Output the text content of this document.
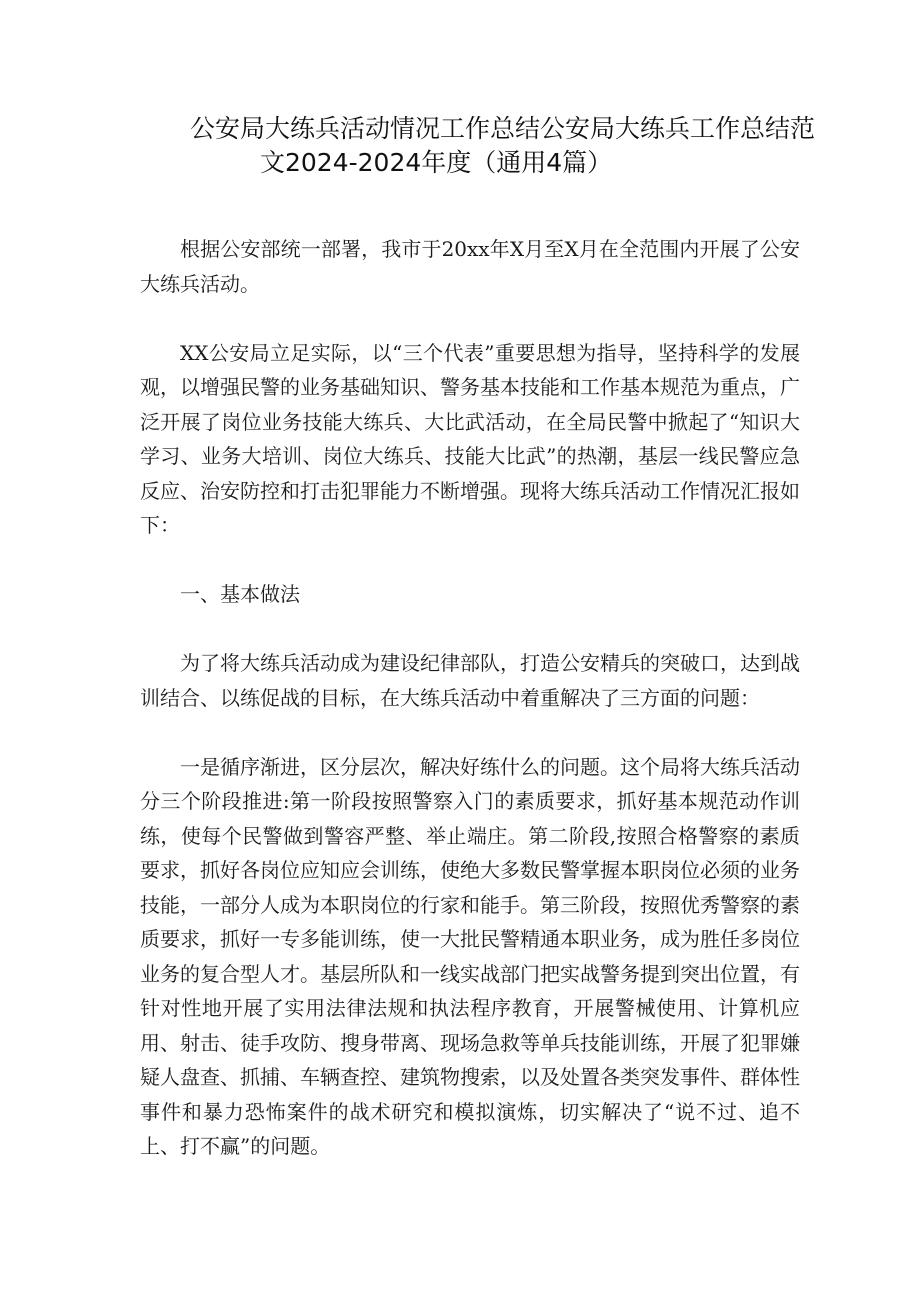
公安局大练兵活动情况工作总结公安局大练兵工作总结范
文2024-2024年度（通用4篇）

根据公安部统一部署，我市于20xx年X月至X月在全范围内开展了公安大练兵活动。

XX公安局立足实际，以“三个代表”重要思想为指导，坚持科学的发展观，以增强民警的业务基础知识、警务基本技能和工作基本规范为重点，广泛开展了岗位业务技能大练兵、大比武活动，在全局民警中掀起了“知识大学习、业务大培训、岗位大练兵、技能大比武”的热潮，基层一线民警应急反应、治安防控和打击犯罪能力不断增强。现将大练兵活动工作情况汇报如下：

一、基本做法

为了将大练兵活动成为建设纪律部队，打造公安精兵的突破口，达到战训结合、以练促战的目标，在大练兵活动中着重解决了三方面的问题：

一是循序渐进，区分层次，解决好练什么的问题。这个局将大练兵活动分三个阶段推进:第一阶段按照警察入门的素质要求，抓好基本规范动作训练，使每个民警做到警容严整、举止端庄。第二阶段,按照合格警察的素质要求，抓好各岗位应知应会训练，使绝大多数民警掌握本职岗位必须的业务技能，一部分人成为本职岗位的行家和能手。第三阶段，按照优秀警察的素质要求，抓好一专多能训练，使一大批民警精通本职业务，成为胜任多岗位业务的复合型人才。基层所队和一线实战部门把实战警务提到突出位置，有针对性地开展了实用法律法规和执法程序教育，开展警械使用、计算机应用、射击、徒手攻防、搜身带离、现场急救等单兵技能训练，开展了犯罪嫌疑人盘查、抓捕、车辆查控、建筑物搜索，以及处置各类突发事件、群体性事件和暴力恐怖案件的战术研究和模拟演炼，切实解决了“说不过、追不上、打不赢”的问题。
